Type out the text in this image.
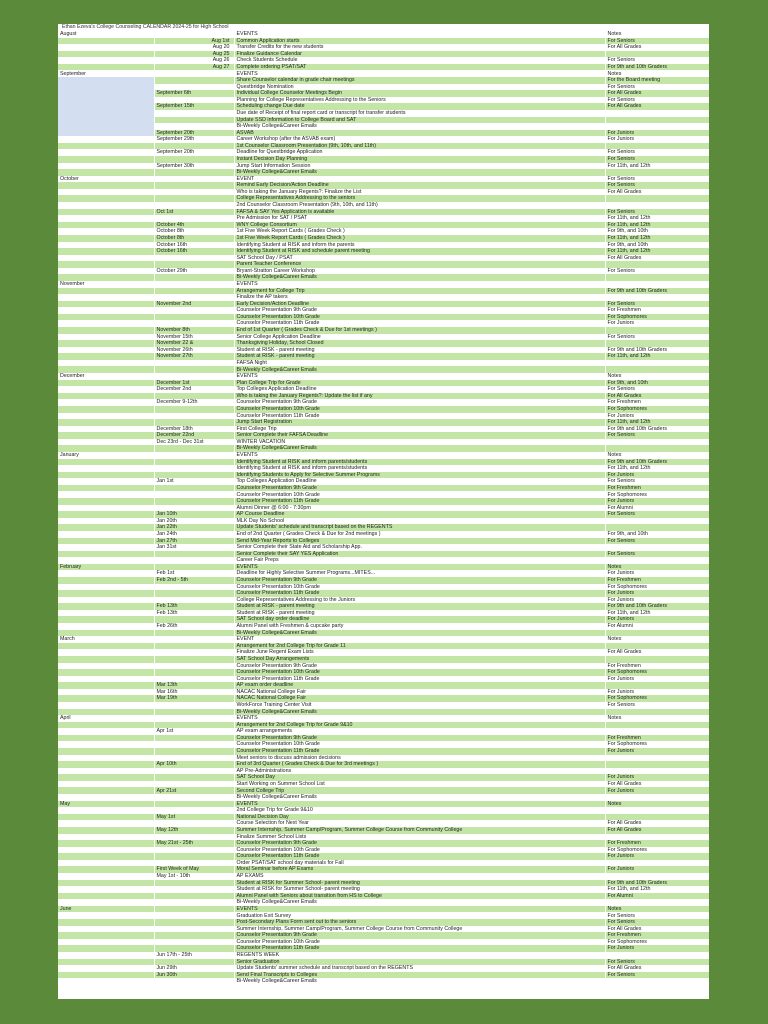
Ethan Ezeva's College Counseling CALENDAR 2024-25 for High School
August		EVENTS	Notes
	Aug 1st	Common Application starts	For Seniors
	Aug 20	Transfer Credits for the new students	For All Grades
	Aug 25	Finalize Guidance Calendar	
	Aug 26	Check Students Schedule	For Seniors
	Aug 27	Complete ordering PSAT/SAT	For 9th and 10th Graders
September		EVENTS	Notes
		Share Counselor calendar in grade chair meetings	For the Board meeting
		Questbridge Nomination	For Seniors
	September 6th	Individual College Counselor Meetings Begin	For All Grades
		Planning for College Representatives Addressing to the Seniors	For Seniors
	September 15th	Scheduling change Due date	For All Grades
		Due date of Receipt of final report card or transcript for transfer students	
		Update SSD information to College Board and SAT	
		Bi-Weekly College&Career Emails	
	September 20th	ASVAB	For Juniors
	September 29th	Career Workshop (after the ASVAB exam)	For Juniors
		1st Counselor Classroom Presentation (9th, 10th, and 11th)	
	September 20th	Deadline for Questbridge Application	For Seniors
		Instant Decision Day Planning	For Seniors
	September 30th	Jump Start Information Session	For 11th, and 12th
		Bi-Weekly College&Career Emails	
October		EVENT	For Seniors
		Remind Early Decision/Action Deadline	For Seniors
		Who is taking the January Regents?: Finalize the List	For All Grades
		College Representatives Addressing to the seniors	
		2nd Counselor Classroom Presentation (9th, 10th, and 11th)	
	Oct 1st	FAFSA & SAY Yes Application is available	For Seniors
		Pre Admission for SAT / PSAT	For 11th, and 12th
	October 4th	WNY College Consortium	For 11th, and 12th
	October 8th	1st Five Week Report Cards ( Grades Check )	For 9th, and 10th
	October 8th	1st Five Week Report Cards ( Grades Check )	For 11th, and 12th
	October 16th	Identifying Student at RISK and inform the parents	For 9th, and 10th
	October 16th	Identifying Student at RISK and schedule parent meeting	For 11th, and 12th
		SAT School Day / PSAT	For All Grades
		Parent Teacher Conference	
	October 29th	Bryant-Stratton Career Workshop	For Seniors
		Bi-Weekly College&Career Emails	
November		EVENTS	
		Arrangement for College Trip	For 9th and 10th Graders
		Finalize the AP takers	
	November 2nd	Early Decision/Action Deadline	For Seniors
		Counselor Presentation 9th Grade	For Freshmen
		Counselor Presentation 10th Grade	For Sophomores
		Counselor Presentation 11th Grade	For Juniors
	November 8th	End of 1st Quarter ( Grades Check & Due for 1st meetings )	
	November 15th	Senior College Application Deadline	For Seniors
	November 22 &	Thanksgiving Holiday, School Closed	
	November 26th	Student at RISK - parent meeting	For 9th and 10th Graders
	November 27th	Student at RISK - parent meeting	For 11th, and 12th
		FAFSA Night	
		Bi-Weekly College&Career Emails	
December		EVENTS	Notes
	December 1st	Plan College Trip for Grade	For 9th, and 10th
	December 2nd	Top Colleges Application Deadline	For Seniors
		Who is taking the January Regents?: Update the list if any	For All Grades
	December 9-12th	Counselor Presentation 9th Grade	For Freshmen
		Counselor Presentation 10th Grade	For Sophomores
		Counselor Presentation 11th Grade	For Juniors
		Jump Start Registration	For 11th, and 12th
	December 18th	First College Trip	For 9th and 10th Graders
	December 22nd	Senior Complete their FAFSA Deadline	For Seniors
	Dec 23rd - Dec 31st	WINTER VACATION	
		Bi-Weekly College&Career Emails	
January		EVENTS	Notes
		Identifying Student at RISK and inform parents/students	For 9th and 10th Graders
		Identifying Student at RISK and inform parents/students	For 11th, and 12th
		Identifying Students to Apply for Selective Summer Programs	For Juniors
	Jan 1st	Top Colleges Application Deadline	For Seniors
		Counselor Presentation 9th Grade	For Freshmen
		Counselor Presentation 10th Grade	For Sophomores
		Counselor Presentation 11th Grade	For Juniors
		Alumni Dinner @ 6:00 - 7:30pm	For Alumni
	Jan 10th	AP Course Deadline	For Seniors
	Jan 20th	MLK Day No School	
	Jan 22th	Update Students' schedule and transcript based on the REGENTS	
	Jan 24th	End of 2nd Quarter ( Grades Check & Due for 2nd meetings )	For 9th, and 10th
	Jan 27th	Send Mid-Year Reports to Colleges	For Seniors
	Jan 31st	Senior Complete their State Aid and Scholarship App.	
		Senior Complete their SAY YES Application	For Seniors
		Career Fair Preps	
February		EVENTS	Notes
	Feb 1st	Deadline for Highly Selective Summer Programs...MITES...	For Juniors
	Feb 2nd - 5th	Counselor Presentation 9th Grade	For Freshmen
		Counselor Presentation 10th Grade	For Sophomores
		Counselor Presentation 11th Grade	For Juniors
		College Representatives Addressing to the Juniors	For Juniors
	Feb 13th	Student at RISK - parent meeting	For 9th and 10th Graders
	Feb 13th	Student at RISK - parent meeting	For 11th, and 12th
		SAT School day order deadline	For Juniors
	Feb 26th	Alumni Panel with Freshmen & cupcake party	For Alumni
		Bi-Weekly College&Career Emails	
March		EVENT	Notes
		Arrangement for 2nd College Trip for Grade 11	
		Finalize June Regent Exam Lists	For All Grades
		SAT School Day Arrangements	
		Counselor Presentation 9th Grade	For Freshmen
		Counselor Presentation 10th Grade	For Sophomores
		Counselor Presentation 11th Grade	For Juniors
	Mar 13th	AP exam order deadline	
	Mar 16th	NACAC National College Fair	For Juniors
	Mar 19th	NACAC National College Fair	For Sophomores
		WorkForce Training Center Visit	For Seniors
		Bi-Weekly College&Career Emails	
April		EVENTS	Notes
		Arrangement for 2nd College Trip for Grade 9&10	
	Apr 1st	AP exam arrangements	
		Counselor Presentation 9th Grade	For Freshmen
		Counselor Presentation 10th Grade	For Sophomores
		Counselor Presentation 11th Grade	For Juniors
		Meet seniors to discuss admission decisions	
	Apr 10th	End of 3rd Quarter ( Grades Check & Due for 3rd meetings )	
		AP Pre-Administrations	
		SAT School Day	For Juniors
		Start Working on Summer School List	For All Grades
	Apr 21st	Second College Trip	For Juniors
		Bi-Weekly College&Career Emails	
May		EVENTS	Notes
		2nd College Trip for Grade 9&10	
	May 1st	National Decision Day	
		Course Selection for Next Year	For All Grades
	May 12th	Summer Internship, Summer Camp/Program, Summer College Course from Community College	For All Grades
		Finalize Summer School Lists	
	May 21st - 25th	Counselor Presentation 9th Grade	For Freshmen
		Counselor Presentation 10th Grade	For Sophomores
		Counselor Presentation 11th Grade	For Juniors
		Order PSAT/SAT school day materials for Fall	
	First Week of May	Moral Seminar before AP Exams	For Juniors
	May 1st - 10th	AP EXAMS	
		Student at RISK for Summer School- parent meeting	For 9th and 10th Graders
		Student at RISK for Summer School- parent meeting	For 11th, and 12th
		Alumni Panel with Seniors about transition from HS to College	For Alumni
		Bi-Weekly College&Career Emails	
June		EVENTS	Notes
		Graduation Exit Survey	For Seniors
		Post-Secondary Plans Form sent out to the seniors	For Seniors
		Summer Internship, Summer Camp/Program, Summer College Course from Community College	For All Grades
		Counselor Presentation 9th Grade	For Freshmen
		Counselor Presentation 10th Grade	For Sophomores
		Counselor Presentation 11th Grade	For Juniors
	Jun 17th - 25th	REGENTS WEEK	
		Senior Graduation	For Seniors
	Jun 29th	Update Students' summer schedule and transcript based on the REGENTS	For All Grades
	Jun 30th	Send Final Transcripts to Colleges	For Seniors
		Bi-Weekly College&Career Emails	
